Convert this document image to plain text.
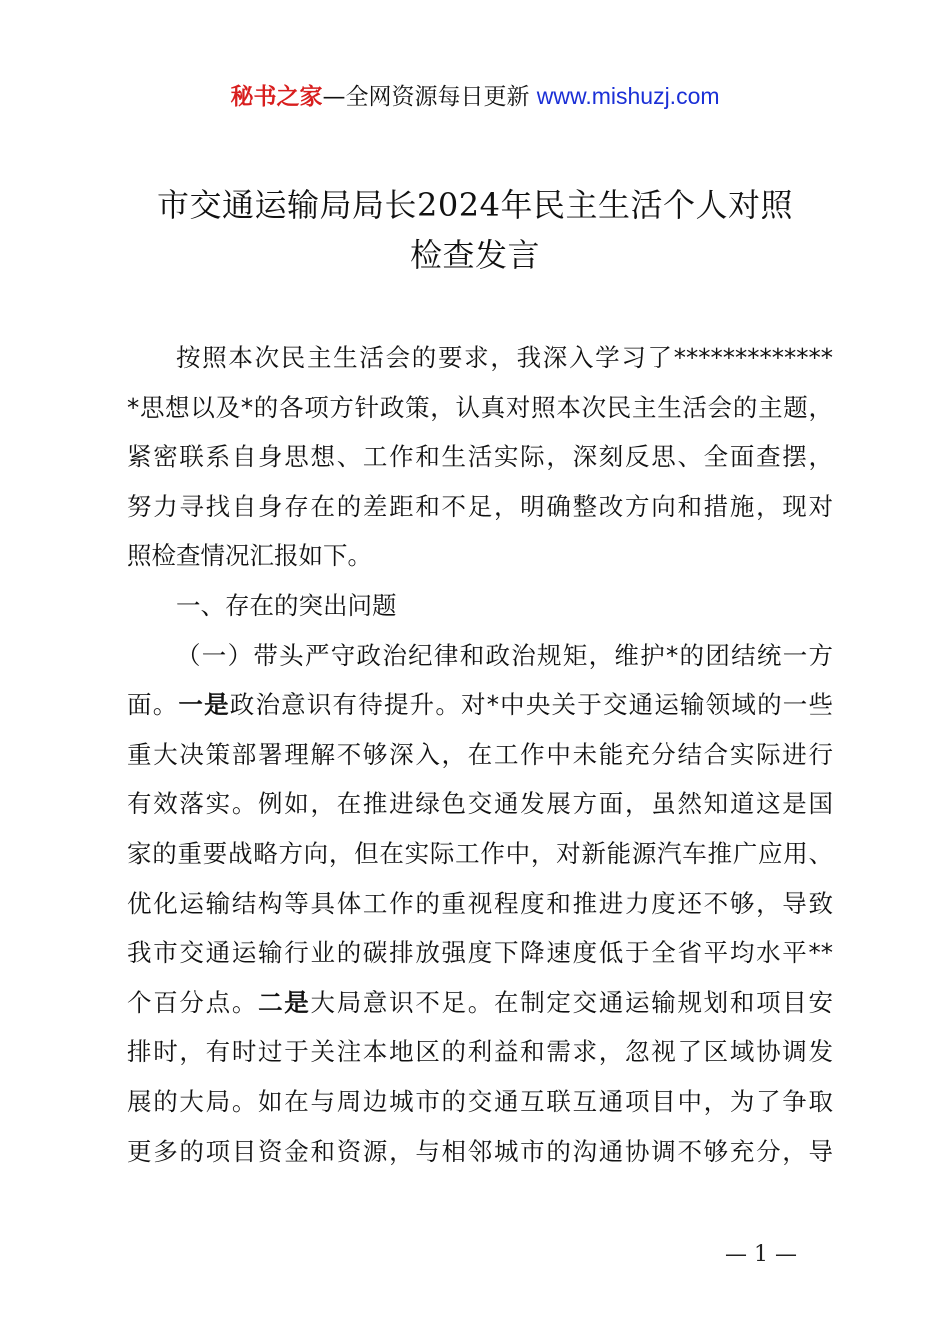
秘书之家—全网资源每日更新 www.mishuzj.com
市交通运输局局长2024年民主生活个人对照
检查发言

按照本次民主生活会的要求，我深入学习了*************
*思想以及*的各项方针政策，认真对照本次民主生活会的主题，
紧密联系自身思想、工作和生活实际，深刻反思、全面查摆，
努力寻找自身存在的差距和不足，明确整改方向和措施，现对
照检查情况汇报如下。

一、存在的突出问题

（一）带头严守政治纪律和政治规矩，维护*的团结统一方
面。一是政治意识有待提升。对*中央关于交通运输领域的一些
重大决策部署理解不够深入，在工作中未能充分结合实际进行
有效落实。例如，在推进绿色交通发展方面，虽然知道这是国
家的重要战略方向，但在实际工作中，对新能源汽车推广应用、
优化运输结构等具体工作的重视程度和推进力度还不够，导致
我市交通运输行业的碳排放强度下降速度低于全省平均水平**
个百分点。二是大局意识不足。在制定交通运输规划和项目安
排时，有时过于关注本地区的利益和需求，忽视了区域协调发
展的大局。如在与周边城市的交通互联互通项目中，为了争取
更多的项目资金和资源，与相邻城市的沟通协调不够充分，导

— 1 —
